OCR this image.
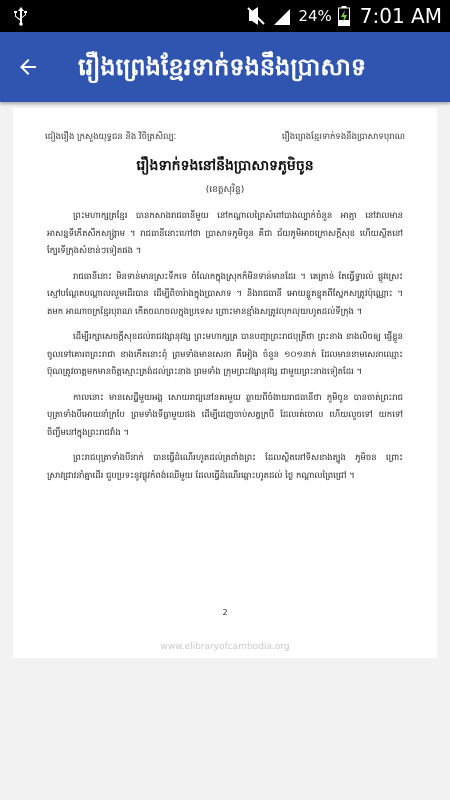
24% 7:01 AM
រឿងព្រេងខ្មែរទាក់ទងនឹងប្រាសាទ
ជៀងរឿង ក្រសួងយុទ្ធជន និង វិចិត្រសិល្បៈ	រឿងព្រេងខ្មែរទាក់ទងនឹងប្រាសាទបុរាណ
រឿងទាក់ទងនៅនឹងប្រាសាទភូមិចូន
(ខេត្តសុរិន្ទ)

ព្រះមហាក្សត្រខ្មែរ បានកសាងរាជធានីមួយ នៅកណ្ដាលព្រៃសំពៅបាងល្បាក់ចំនួន អាត្មា នៅវាលមានអាសន្នទីកើតសឹកសង្គ្រាម ។ រាជធានីនោះហៅថា ប្រាសាទភូមិចូន គឺជា ជ័យភូមិអាចក្រោសក្ដីសុខ ហើយស្ថិតនៅក្បែរទីក្រុងសំខាន់ៗទៀតផង ។

រាជធានីនោះ មិនទាន់មានស្រះទឹកទេ ចំណែកក្នុងស្រុកក៏មិនទាន់មានដែរ ។ គេត្រាន់ តែធ្វើទ្វារល់ ផ្លូវស្រេះស្មៅបណ្ដែតបណ្ដាលលួមដើរបាន ដើម្បីពិចារ៉ាងក្នុងប្រាសាទ ។ និងរាជធានី អោយខ្ចួតខ្ចុតពីស្នែកសត្រូវប៉ុណ្ណោះ ។ តមក អាណាចក្រខ្មែរបុរាណ កើតចលាចលក្នុងប្រទេស ព្រោះមានខ្មាំងសត្រូវលុកលុយហូតដល់ទីក្រុង ។

ដើម្បីរក្សាសេចក្ដីសុខដល់រាជវង្សានុវង្ស ព្រះមហាក្សត្រ បានបញ្ជាព្រះរាជបុត្រីថា ព្រះនាង ខាងលិចឲ្យ ផ្ញើខ្លួនចូលទៅគោរពព្រះរាជា ខាងកើតនោះពុំ ព្រមទាំងមានសេនា គឺអៀង ចំនួន ១០១នាក់ ដែលមាននាមសេនាឈ្មោះ ប៊ុណត្រូវចាត្តមកមានចិត្តស្មោះត្រង់ដល់ព្រះនាង ព្រមទាំង ក្រុមព្រះវង្សានុវង្ស ជាមួយព្រះនាងទៀតដែរ ។

កាលនោះ មានសេដ្ឋីមួយអង្គ សោយរាជ្យនៅនគរមួយ ឆ្ងាយពីចំងាយរាជធានីថា ភូមិចូន បានចាត់ព្រះរាជបុត្រាទាំងបីអោយនាំក្របែ ព្រមទាំងទីធ្លាមួយផង ដើម្បីដេញចាប់សត្វក្របី ដែលរត់ចោល ហើយលួចទៅ យកទៅចិញ្ចឹមនៅក្នុងព្រះរាជវាំង ។

ព្រះរាជបុត្រាទាំងបីនាក់ បានធ្វើដំណើរហូតដល់ត្រពាំងព្រះ ដែលស្ថិតនៅទិសខាងត្បូង ភូមិចន ព្រោះស្រាវជ្រាវនាំគ្នាដើរ ជួបប្រទះនូវផ្លូវកំពង់ឈើមួយ ដែលធ្វើដំណើរឆ្ពោះហូតដល់ ថ្ងៃ កណ្ដាលព្រៃជ្រៅ ។

2
www.elibraryofcambodia.org
